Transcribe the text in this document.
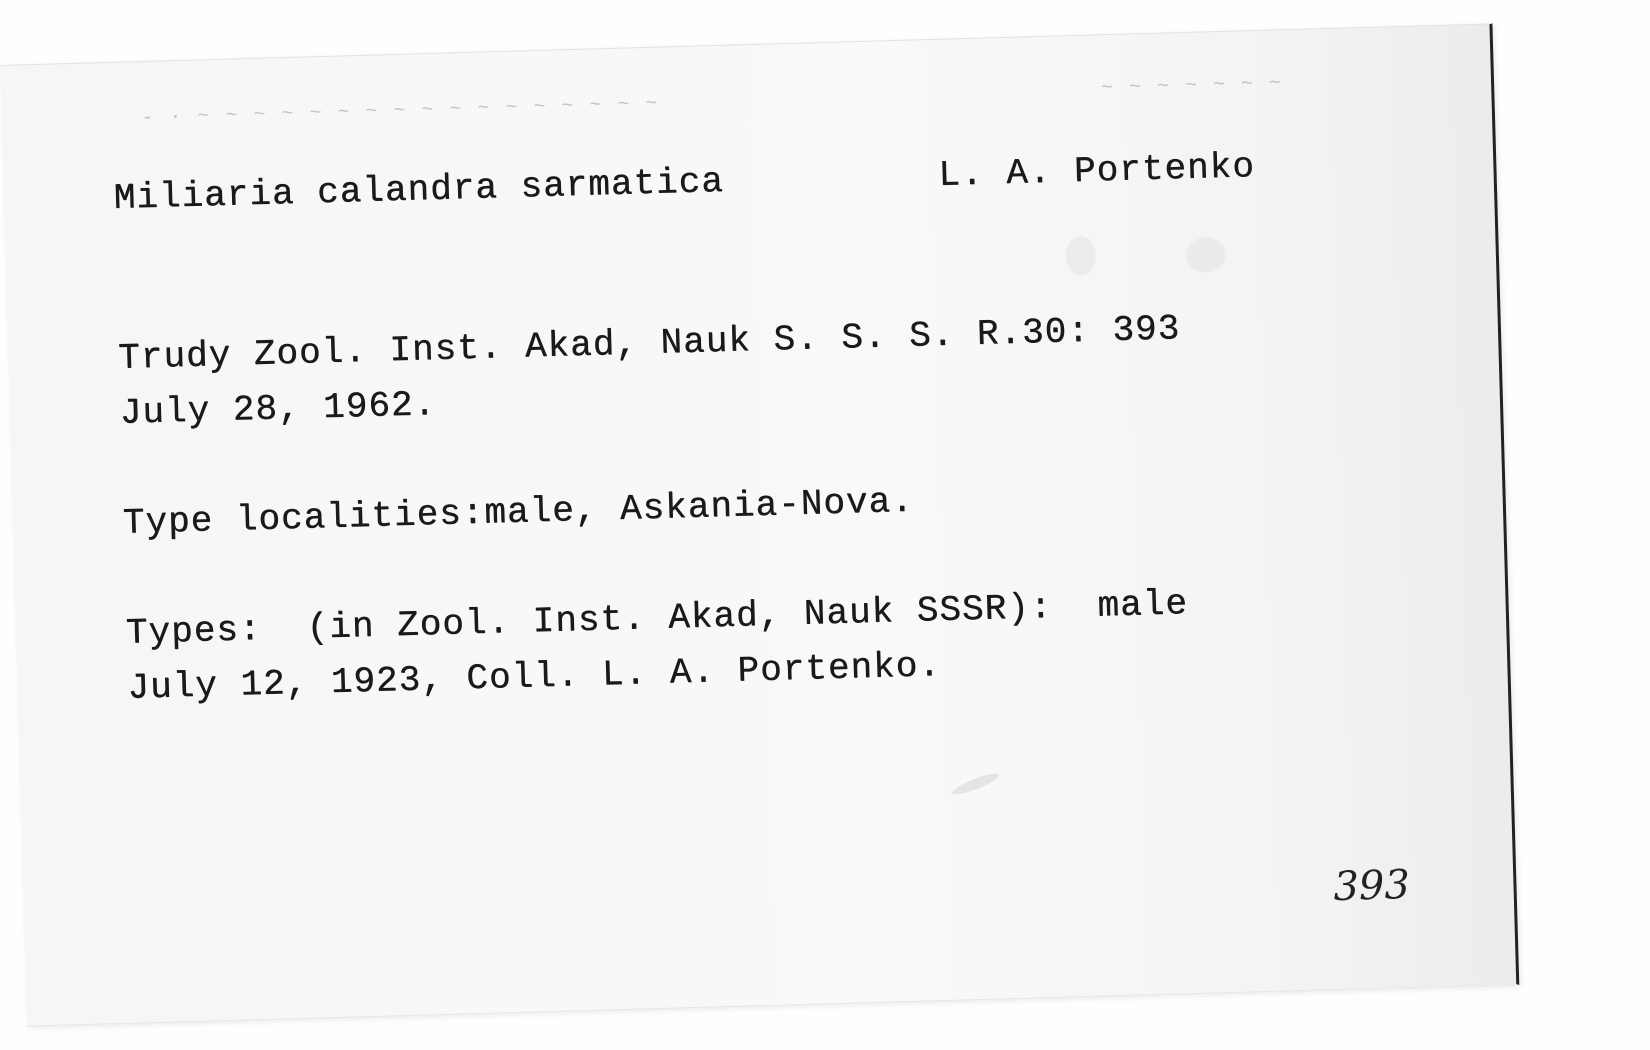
- · ~ ~ ~ ~ ~ ~ ~ ~ ~ ~ ~ ~ ~ ~ ~ ~ ~
~ ~ ~ ~ ~ ~ ~
Miliaria calandra sarmatica	L. A. Portenko
Trudy Zool. Inst. Akad, Nauk S. S. S. R.30: 393
July 28, 1962.
Type localities:male, Askania-Nova.
Types:  (in Zool. Inst. Akad, Nauk SSSR):  male
July 12, 1923, Coll. L. A. Portenko.
393
